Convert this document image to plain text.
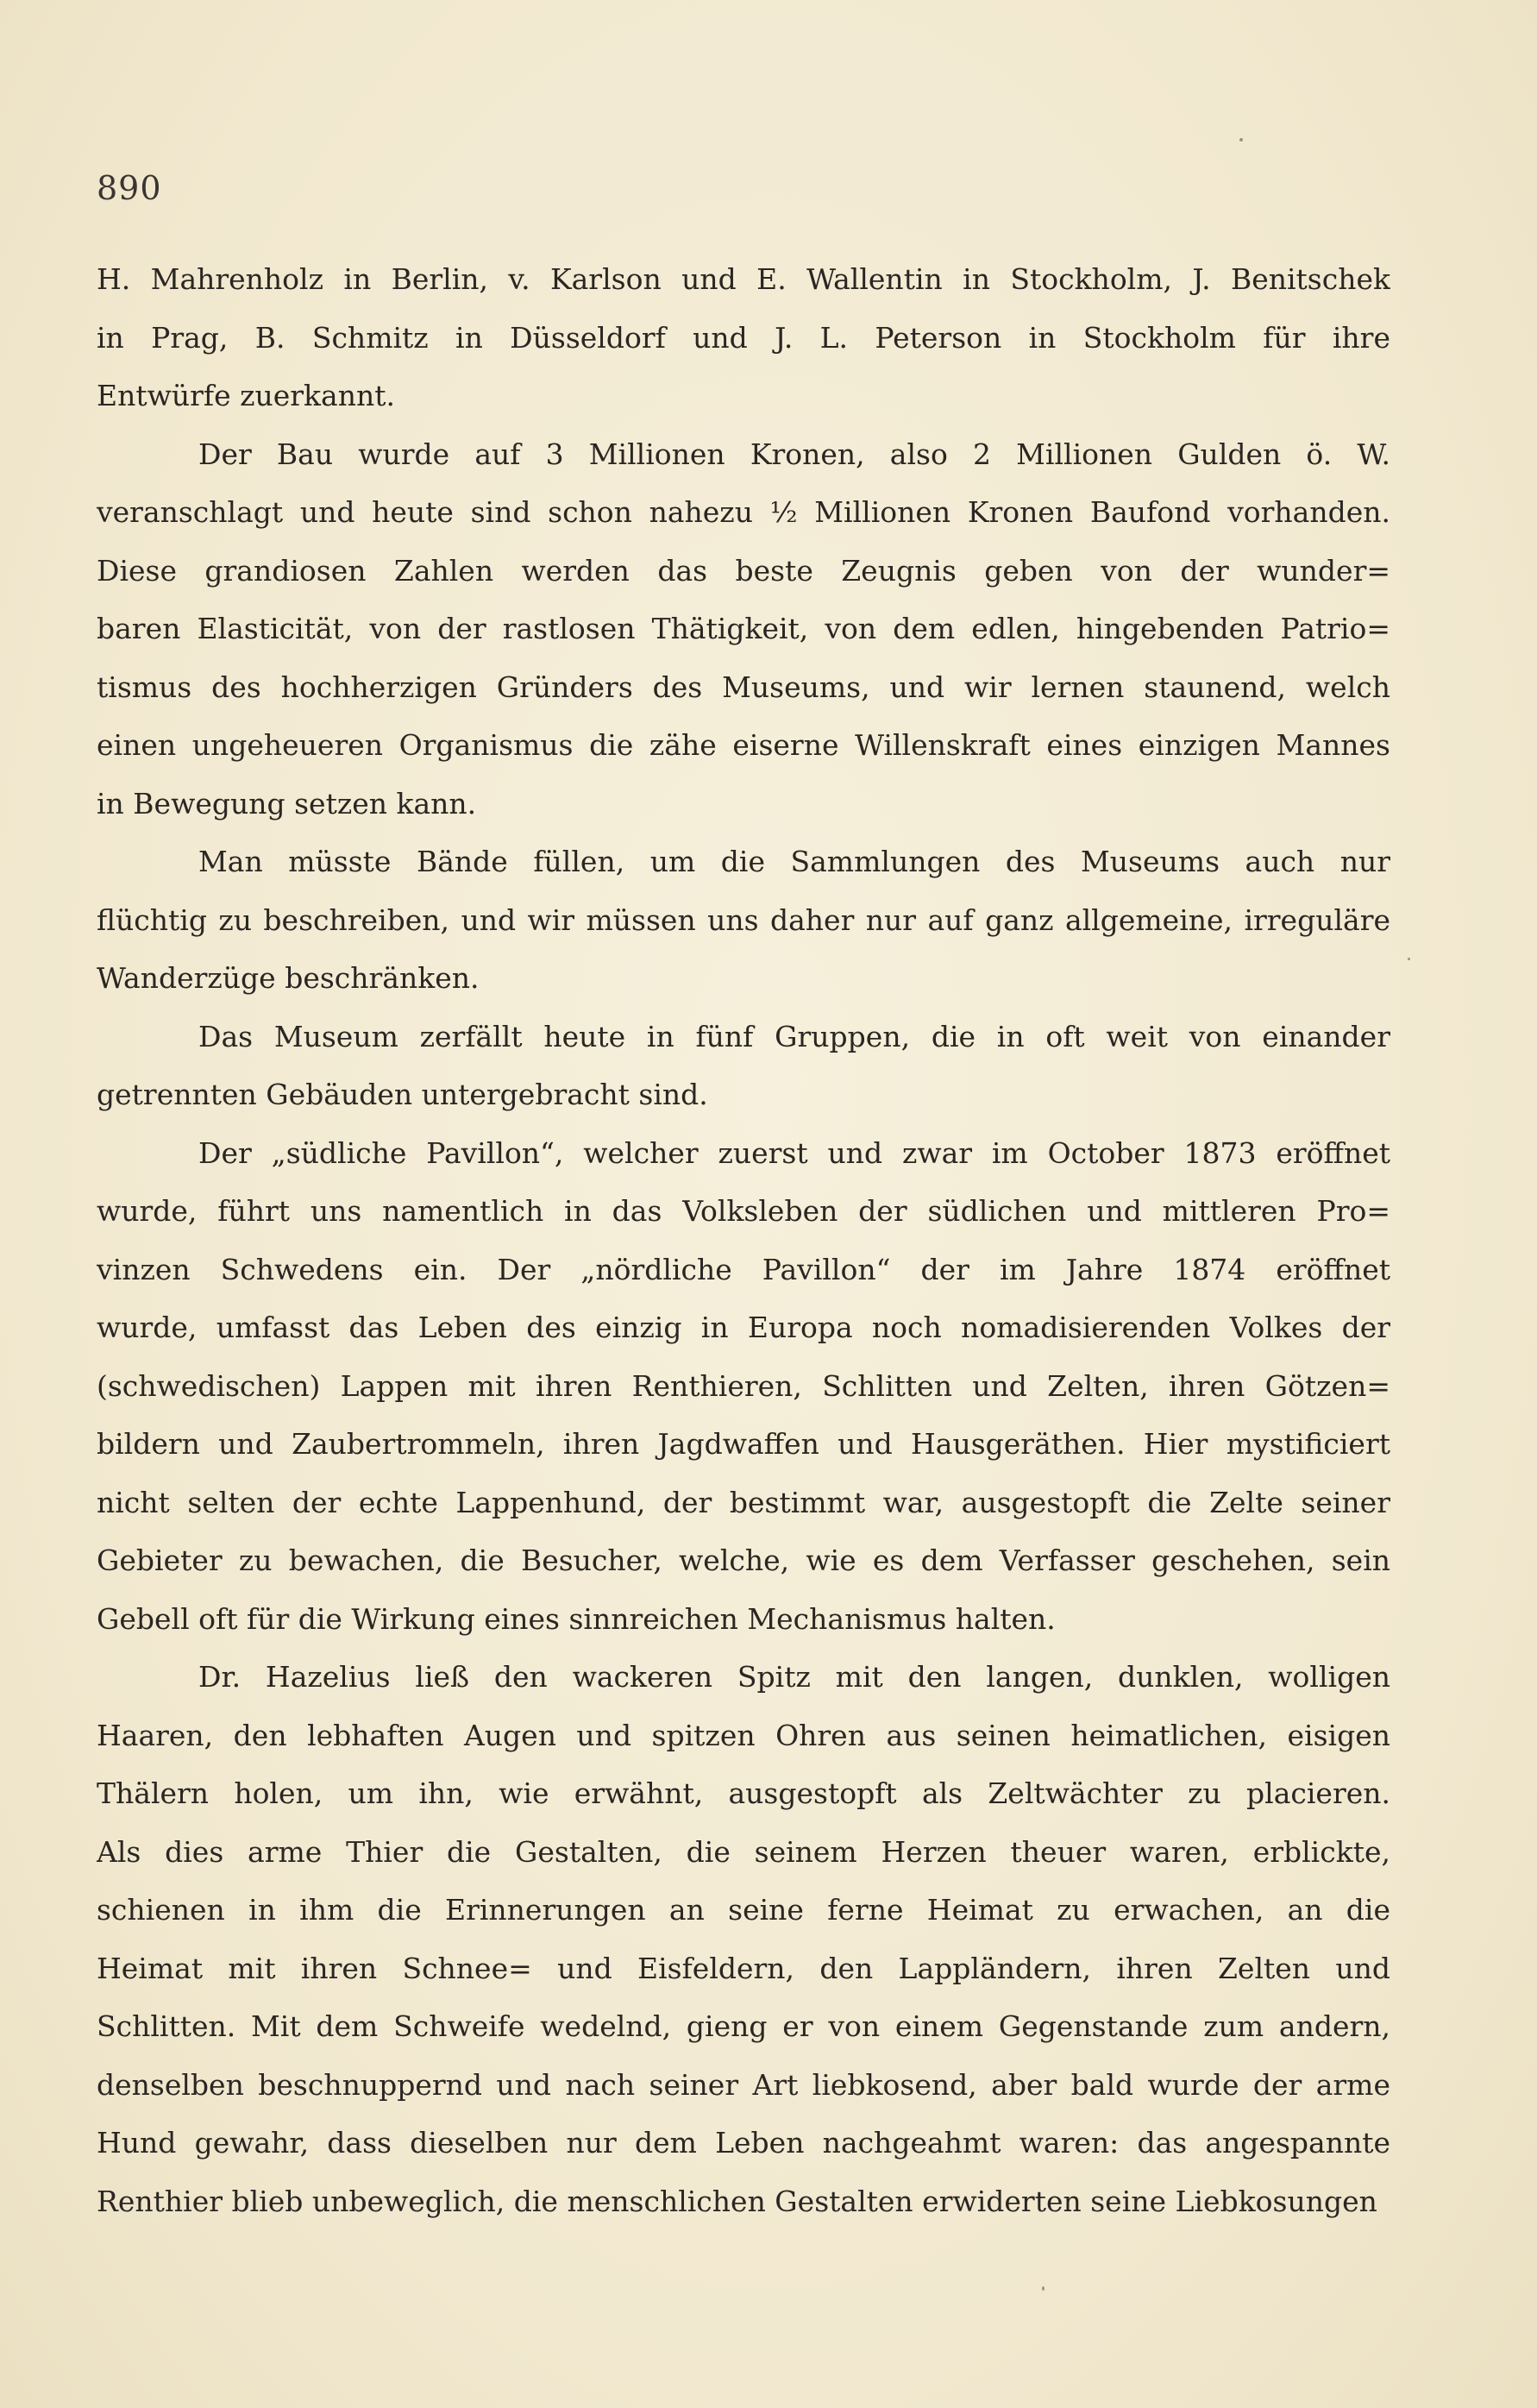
890
H. Mahrenholz in Berlin, v. Karlson und E. Wallentin in Stockholm, J. Benitschek
in Prag, B. Schmitz in Düsseldorf und J. L. Peterson in Stockholm für ihre
Entwürfe zuerkannt.
Der Bau wurde auf 3 Millionen Kronen, also 2 Millionen Gulden ö. W.
veranschlagt und heute sind schon nahezu ½ Millionen Kronen Baufond vorhanden.
Diese grandiosen Zahlen werden das beste Zeugnis geben von der wunder=
baren Elasticität, von der rastlosen Thätigkeit, von dem edlen, hingebenden Patrio=
tismus des hochherzigen Gründers des Museums, und wir lernen staunend, welch
einen ungeheueren Organismus die zähe eiserne Willenskraft eines einzigen Mannes
in Bewegung setzen kann.
Man müsste Bände füllen, um die Sammlungen des Museums auch nur
flüchtig zu beschreiben, und wir müssen uns daher nur auf ganz allgemeine, irreguläre
Wanderzüge beschränken.
Das Museum zerfällt heute in fünf Gruppen, die in oft weit von einander
getrennten Gebäuden untergebracht sind.
Der „südliche Pavillon“, welcher zuerst und zwar im October 1873 eröffnet
wurde, führt uns namentlich in das Volksleben der südlichen und mittleren Pro=
vinzen Schwedens ein. Der „nördliche Pavillon“ der im Jahre 1874 eröffnet
wurde, umfasst das Leben des einzig in Europa noch nomadisierenden Volkes der
(schwedischen) Lappen mit ihren Renthieren, Schlitten und Zelten, ihren Götzen=
bildern und Zaubertrommeln, ihren Jagdwaffen und Hausgeräthen. Hier mystificiert
nicht selten der echte Lappenhund, der bestimmt war, ausgestopft die Zelte seiner
Gebieter zu bewachen, die Besucher, welche, wie es dem Verfasser geschehen, sein
Gebell oft für die Wirkung eines sinnreichen Mechanismus halten.
Dr. Hazelius ließ den wackeren Spitz mit den langen, dunklen, wolligen
Haaren, den lebhaften Augen und spitzen Ohren aus seinen heimatlichen, eisigen
Thälern holen, um ihn, wie erwähnt, ausgestopft als Zeltwächter zu placieren.
Als dies arme Thier die Gestalten, die seinem Herzen theuer waren, erblickte,
schienen in ihm die Erinnerungen an seine ferne Heimat zu erwachen, an die
Heimat mit ihren Schnee= und Eisfeldern, den Lappländern, ihren Zelten und
Schlitten. Mit dem Schweife wedelnd, gieng er von einem Gegenstande zum andern,
denselben beschnuppernd und nach seiner Art liebkosend, aber bald wurde der arme
Hund gewahr, dass dieselben nur dem Leben nachgeahmt waren: das angespannte
Renthier blieb unbeweglich, die menschlichen Gestalten erwiderten seine Liebkosungen
